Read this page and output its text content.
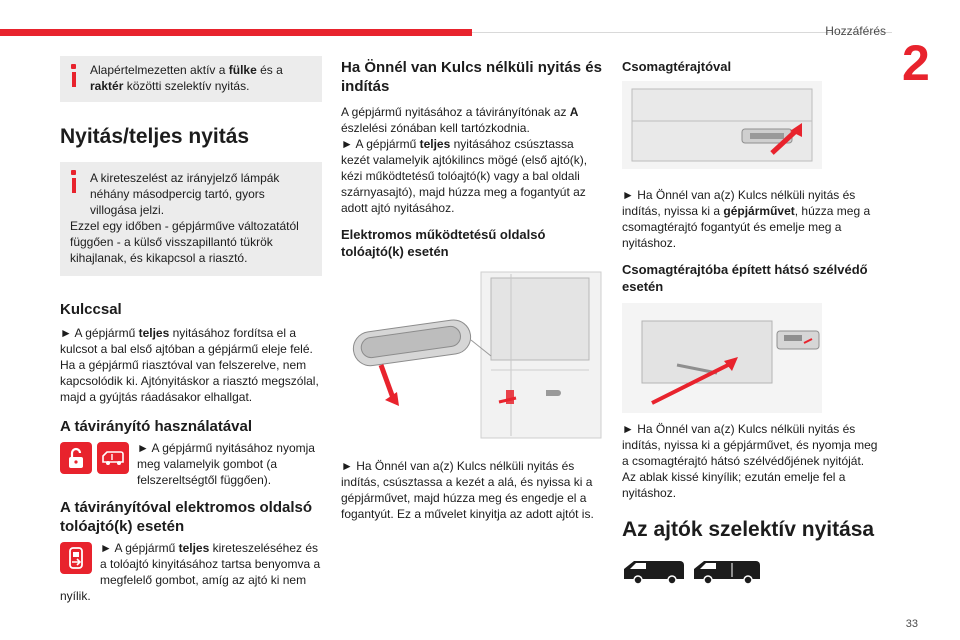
Hozzáférés
2
33

Alapértelmezetten aktív a fülke és a raktér közötti szelektív nyitás.

Nyitás/teljes nyitás

A kireteszelést az irányjelző lámpák néhány másodpercig tartó, gyors villogása jelzi.

Ezzel egy időben - gépjárműve változatától függően - a külső visszapillantó tükrök kihajlanak, és kikapcsol a riasztó.

Kulccsal

► A gépjármű teljes nyitásához fordítsa el a kulcsot a bal első ajtóban a gépjármű eleje felé.

Ha a gépjármű riasztóval van felszerelve, nem kapcsolódik ki. Ajtónyitáskor a riasztó megszólal, majd a gyújtás ráadásakor elhallgat.

A távirányító használatával

► A gépjármű nyitásához nyomja meg valamelyik gombot (a felszereltségtől függően).

A távirányítóval elektromos oldalsó tolóajtó(k) esetén

► A gépjármű teljes kireteszeléséhez és a tolóajtó kinyitásához tartsa benyomva a megfelelő gombot, amíg az ajtó ki nem nyílik.

Ha Önnél van Kulcs nélküli nyitás és indítás

A gépjármű nyitásához a távirányítónak az A észlelési zónában kell tartózkodnia.

► A gépjármű teljes nyitásához csúsztassa kezét valamelyik ajtókilincs mögé (első ajtó(k), kézi működtetésű tolóajtó(k) vagy a bal oldali szárnyasajtó), majd húzza meg a fogantyút az adott ajtó nyitásához.

Elektromos működtetésű oldalsó tolóajtó(k) esetén

► Ha Önnél van a(z) Kulcs nélküli nyitás és indítás, csúsztassa a kezét a alá, és nyissa ki a gépjárművet, majd húzza meg és engedje el a fogantyút. Ez a művelet kinyitja az adott ajtót is.

Csomagtérajtóval

► Ha Önnél van a(z) Kulcs nélküli nyitás és indítás, nyissa ki a gépjárművet, húzza meg a csomagtérajtó fogantyút és emelje meg a nyitáshoz.

Csomagtérajtóba épített hátsó szélvédő esetén

► Ha Önnél van a(z) Kulcs nélküli nyitás és indítás, nyissa ki a gépjárművet, és nyomja meg a csomagtérajtó hátsó szélvédőjének nyitóját.

Az ablak kissé kinyílik; ezután emelje fel a nyitáshoz.

Az ajtók szelektív nyitása
